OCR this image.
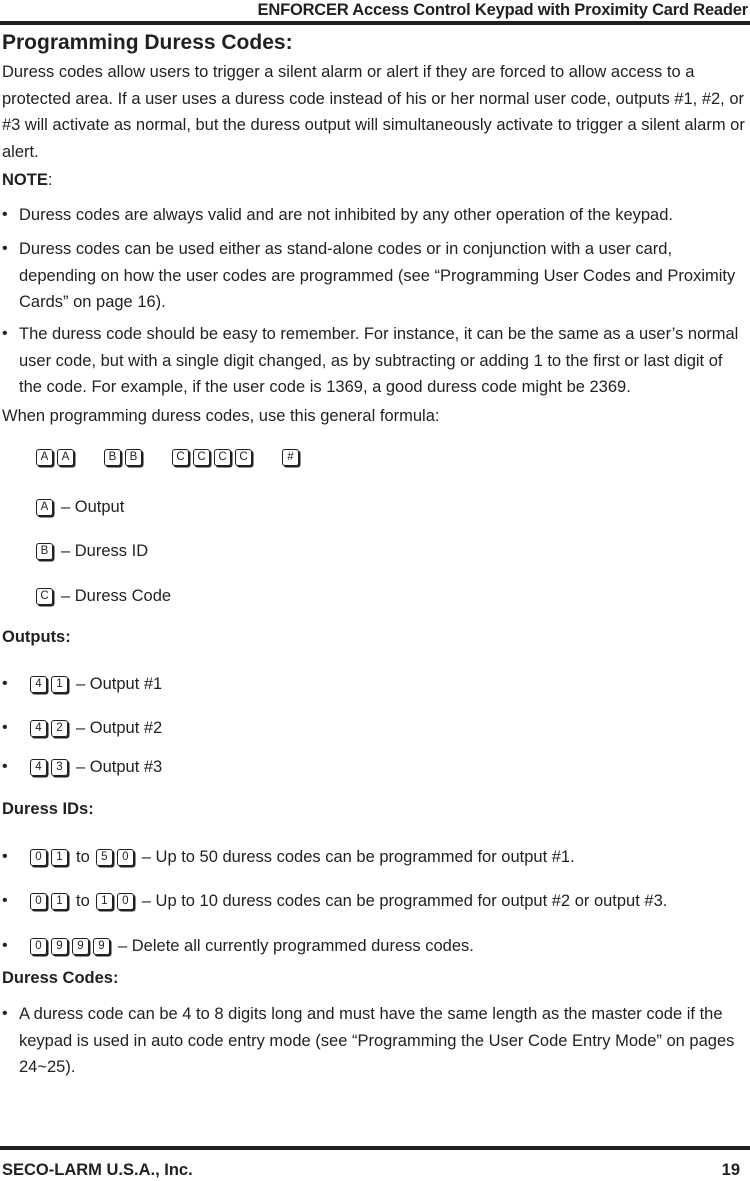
ENFORCER Access Control Keypad with Proximity Card Reader
Programming Duress Codes:
Duress codes allow users to trigger a silent alarm or alert if they are forced to allow access to a protected area. If a user uses a duress code instead of his or her normal user code, outputs #1, #2, or #3 will activate as normal, but the duress output will simultaneously activate to trigger a silent alarm or alert.
NOTE:
• Duress codes are always valid and are not inhibited by any other operation of the keypad.
• Duress codes can be used either as stand-alone codes or in conjunction with a user card, depending on how the user codes are programmed (see “Programming User Codes and Proximity Cards” on page 16).
• The duress code should be easy to remember. For instance, it can be the same as a user’s normal user code, but with a single digit changed, as by subtracting or adding 1 to the first or last digit of the code. For example, if the user code is 1369, a good duress code might be 2369.
When programming duress codes, use this general formula:
A	A	B	B	C	C	C	C	#
A – Output
B – Duress ID
C – Duress Code
Outputs:
•	4	1 – Output #1
•	4	2 – Output #2
•	4	3 – Output #3
Duress IDs:
•	0	1 to 5	0 – Up to 50 duress codes can be programmed for output #1.
•	0	1 to 1	0 – Up to 10 duress codes can be programmed for output #2 or output #3.
•	0	9	9	9 – Delete all currently programmed duress codes.
Duress Codes:
• A duress code can be 4 to 8 digits long and must have the same length as the master code if the keypad is used in auto code entry mode (see “Programming the User Code Entry Mode” on pages 24~25).
SECO-LARM U.S.A., Inc.	19
